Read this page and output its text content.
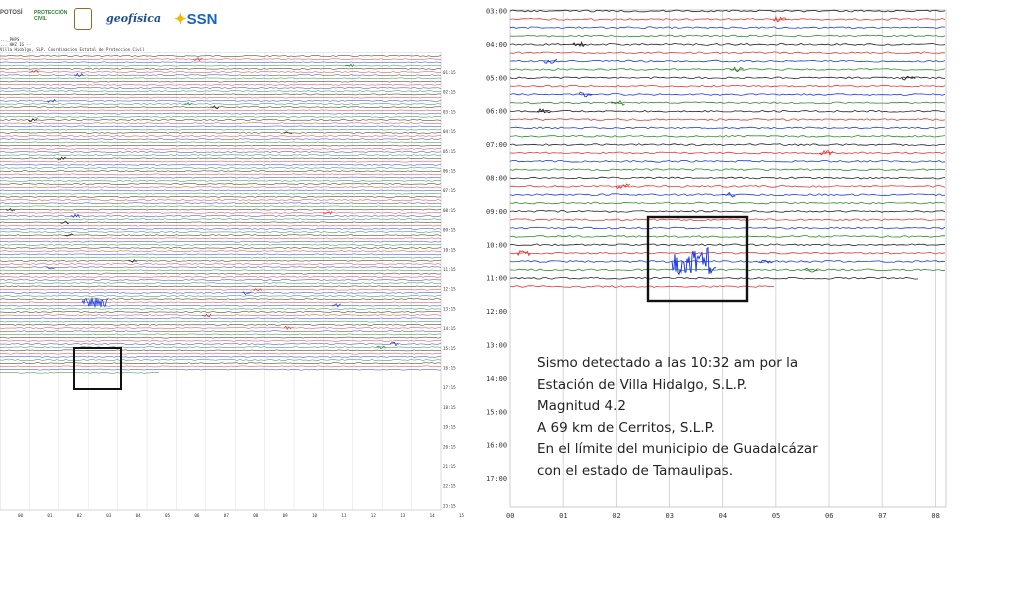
POTOSÍ PROTECCIÓN
CIVIL	geofísica ✦SSN
..._PHPS
... HHZ IG --
Villa Hidalgo, SLP. Coordinacion Estatal de Proteccion Civil
01:15
02:15
03:15
04:15
05:15
06:15
07:15
08:15
09:15
10:15
11:15
12:15
13:15
14:15
15:15
16:15
17:15
18:15
19:15
20:15
21:15
22:15
23:15
00	01	02	03	04	05	06	07	08	09	10	11	12	13	14	15	00	01	02	03	04	05	06	07	08
03:00
04:00
05:00
06:00
07:00
08:00
09:00
10:00
11:00
12:00
13:00
14:00
15:00
16:00
17:00
Sismo detectado a las 10:32 am por la
Estación de Villa Hidalgo, S.L.P.
Magnitud 4.2
A 69 km de Cerritos, S.L.P.
En el límite del municipio de Guadalcázar
con el estado de Tamaulipas.
